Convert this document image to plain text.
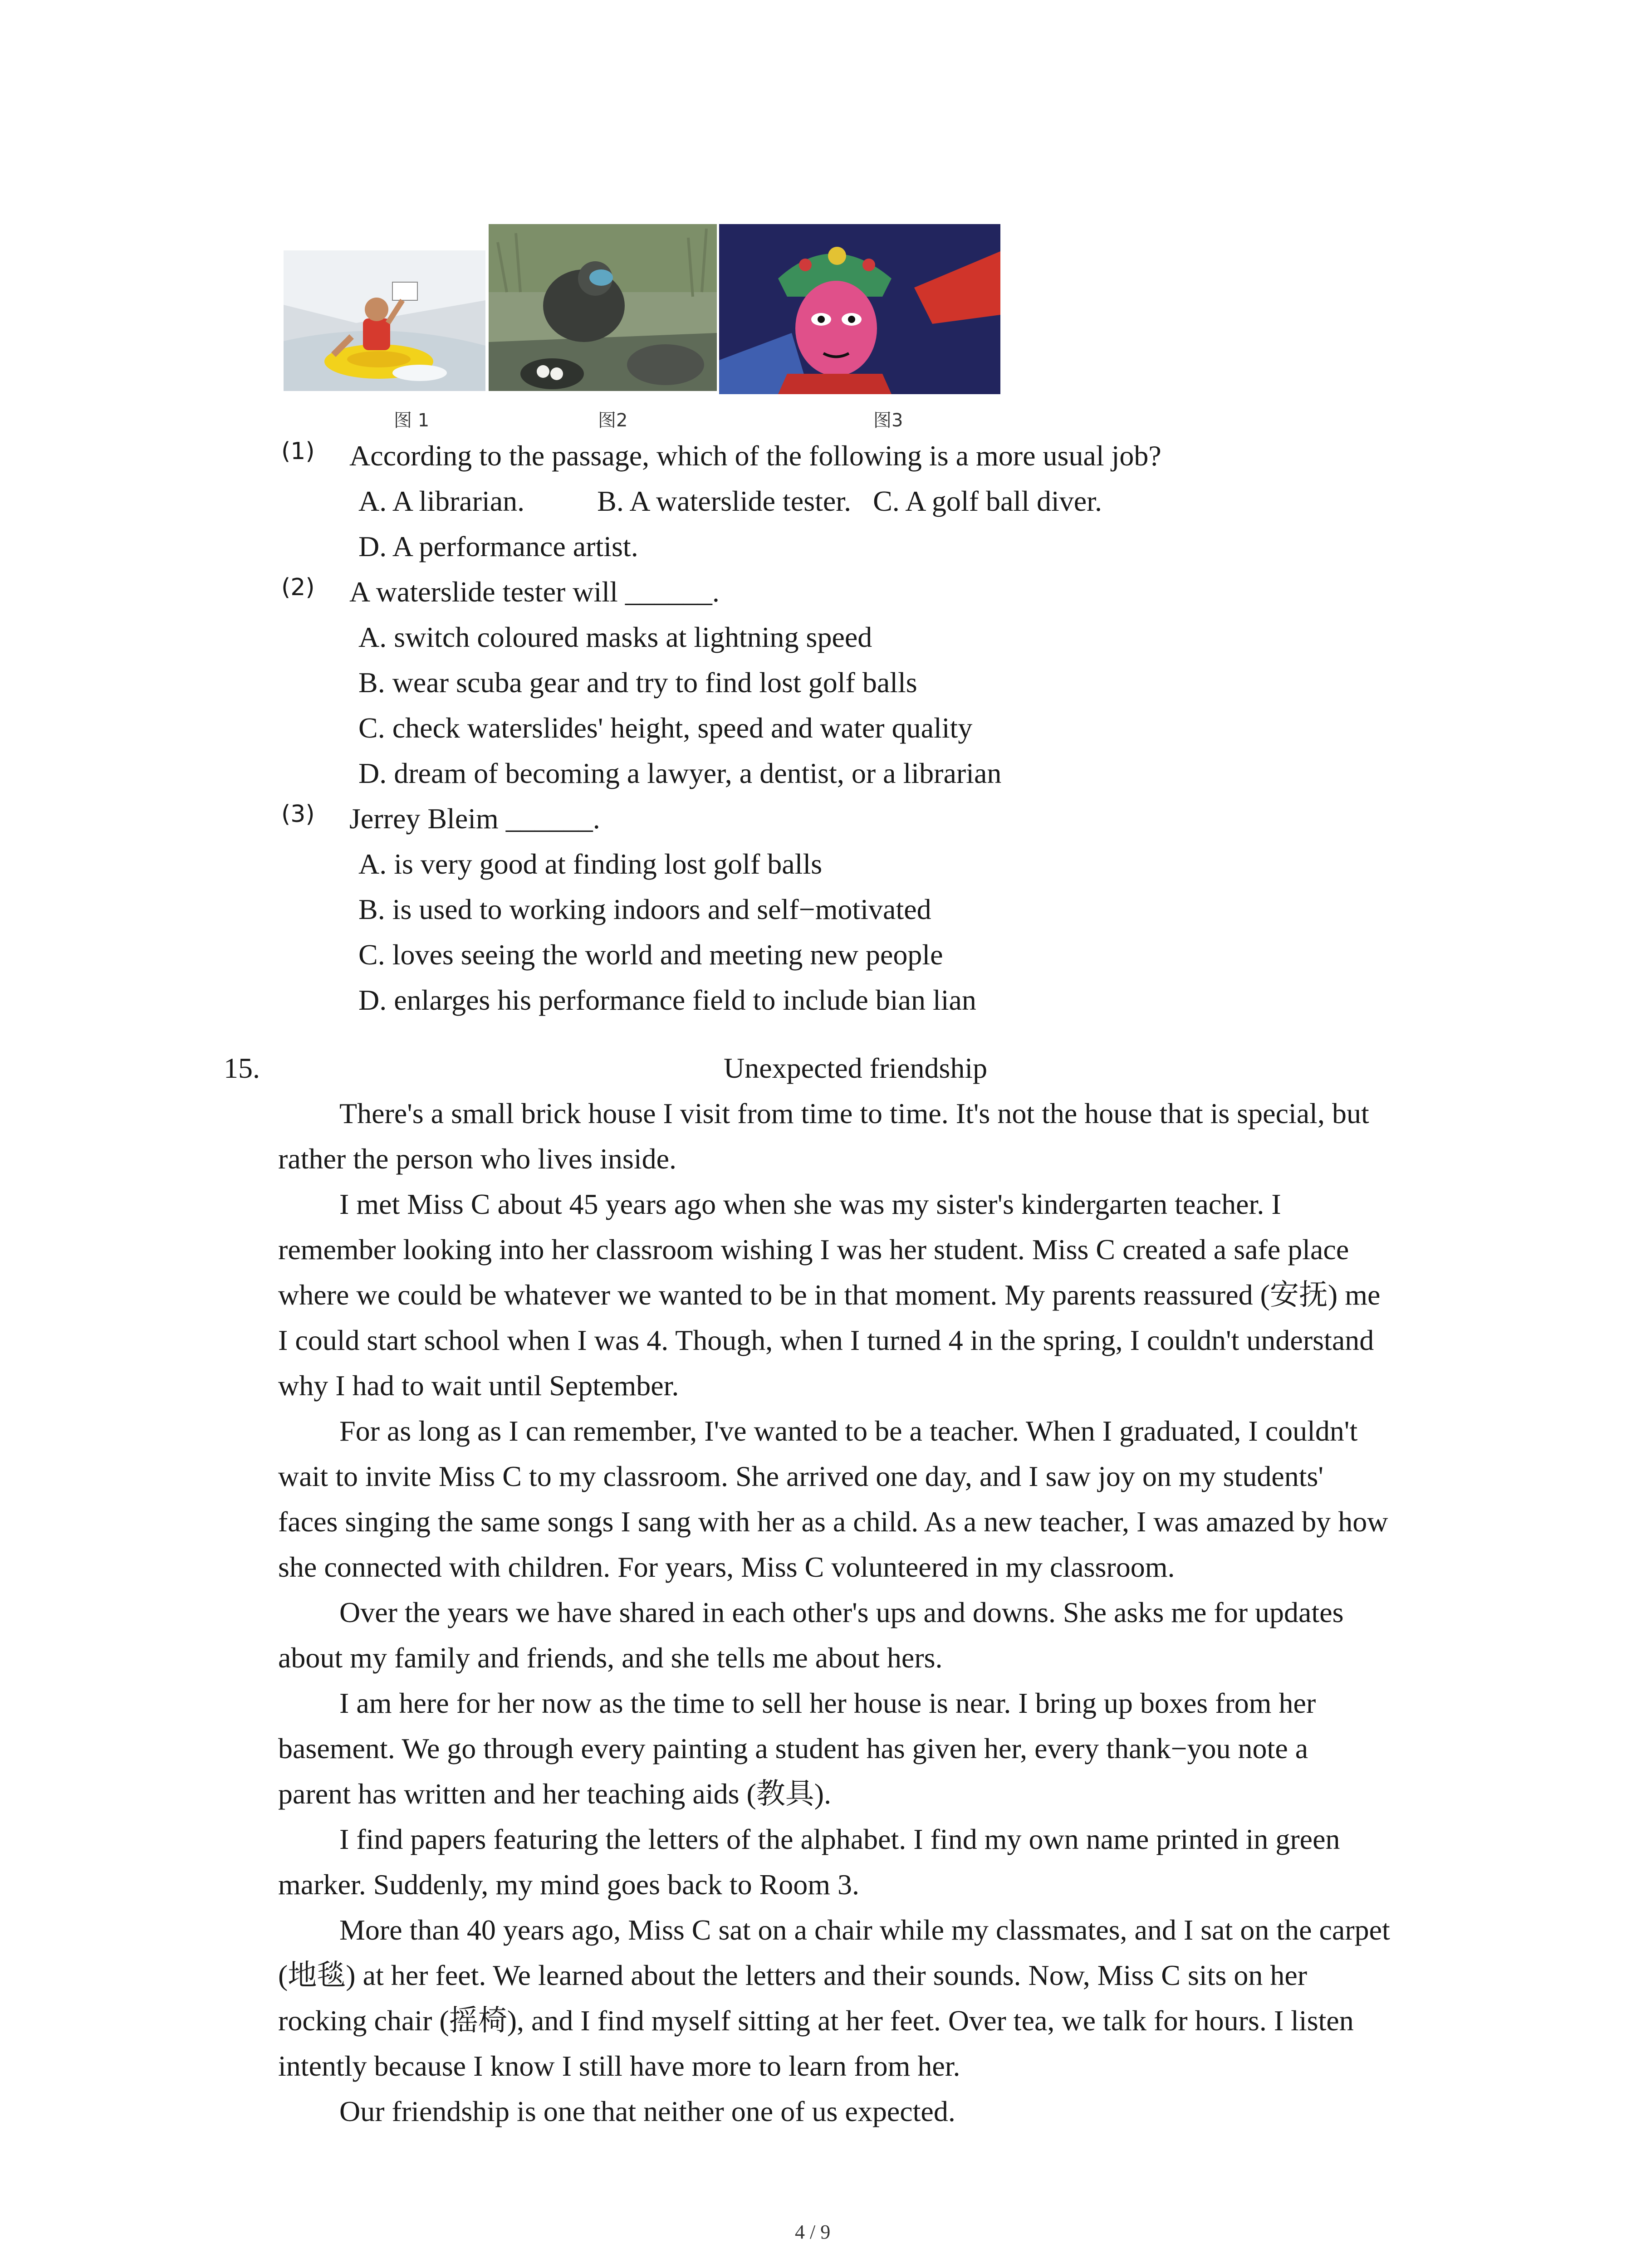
图 1	图2	图3
(1) According to the passage, which of the following is a more usual job?
A. A librarian.          B. A waterslide tester.   C. A golf ball diver.
D. A performance artist.
(2) A waterslide tester will ______.
A. switch coloured masks at lightning speed
B. wear scuba gear and try to find lost golf balls
C. check waterslides' height, speed and water quality
D. dream of becoming a lawyer, a dentist, or a librarian
(3) Jerrey Bleim ______.
A. is very good at finding lost golf balls
B. is used to working indoors and self−motivated
C. loves seeing the world and meeting new people
D. enlarges his performance field to include bian lian
15.	Unexpected friendship
There's a small brick house I visit from time to time. It's not the house that is special, but
rather the person who lives inside.
I met Miss C about 45 years ago when she was my sister's kindergarten teacher. I
remember looking into her classroom wishing I was her student. Miss C created a safe place
where we could be whatever we wanted to be in that moment. My parents reassured (安抚) me
I could start school when I was 4. Though, when I turned 4 in the spring, I couldn't understand
why I had to wait until September.
For as long as I can remember, I've wanted to be a teacher. When I graduated, I couldn't
wait to invite Miss C to my classroom. She arrived one day, and I saw joy on my students'
faces singing the same songs I sang with her as a child. As a new teacher, I was amazed by how
she connected with children. For years, Miss C volunteered in my classroom.
Over the years we have shared in each other's ups and downs. She asks me for updates
about my family and friends, and she tells me about hers.
I am here for her now as the time to sell her house is near. I bring up boxes from her
basement. We go through every painting a student has given her, every thank−you note a
parent has written and her teaching aids (教具).
I find papers featuring the letters of the alphabet. I find my own name printed in green
marker. Suddenly, my mind goes back to Room 3.
More than 40 years ago, Miss C sat on a chair while my classmates, and I sat on the carpet
(地毯) at her feet. We learned about the letters and their sounds. Now, Miss C sits on her
rocking chair (摇椅), and I find myself sitting at her feet. Over tea, we talk for hours. I listen
intently because I know I still have more to learn from her.
Our friendship is one that neither one of us expected.
4 / 9
